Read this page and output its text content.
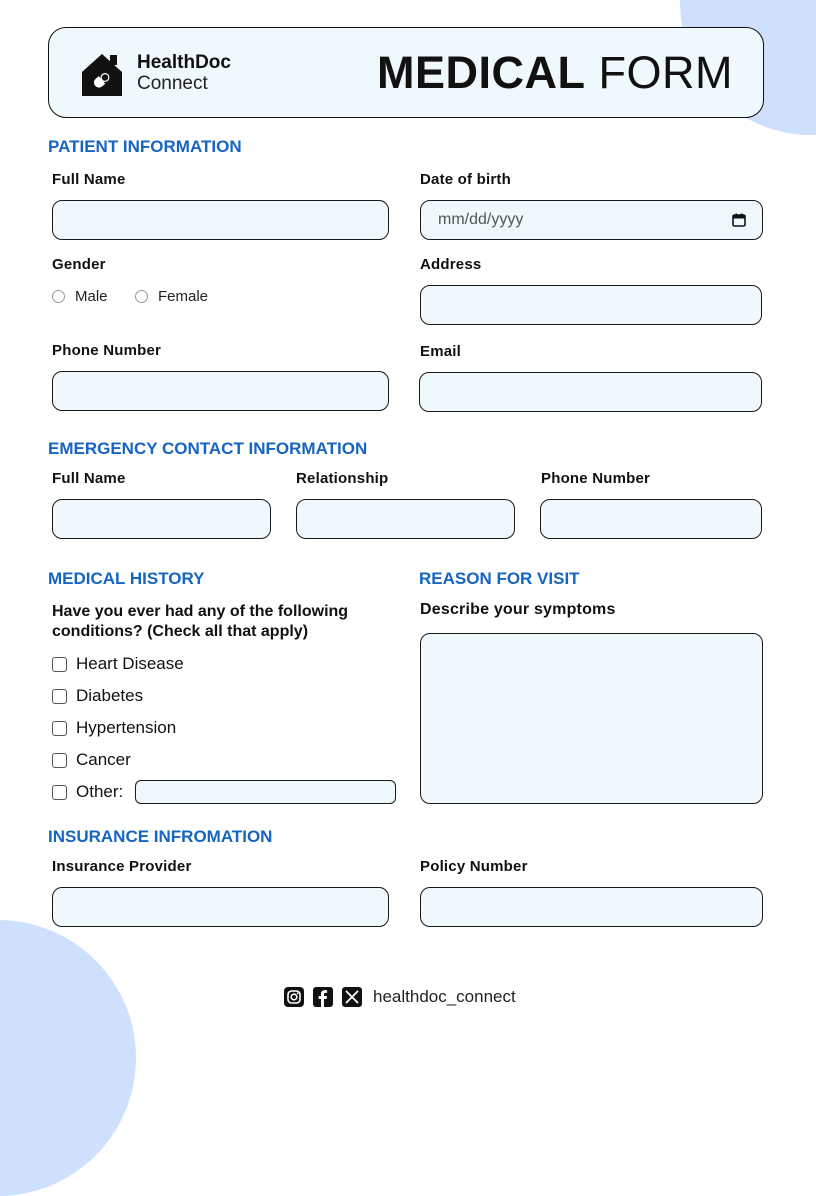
HealthDoc
Connect	MEDICAL FORM
PATIENT INFORMATION
Full Name	Date of birth
mm/dd/yyyy
Gender
Male	Female
Address
Phone Number	Email
EMERGENCY CONTACT INFORMATION
Full Name	Relationship	Phone Number
MEDICAL HISTORY
Have you ever had any of the following conditions? (Check all that apply)
Heart Disease
Diabetes
Hypertension
Cancer
Other:
REASON FOR VISIT
Describe your symptoms
INSURANCE INFROMATION
Insurance Provider	Policy Number
healthdoc_connect
